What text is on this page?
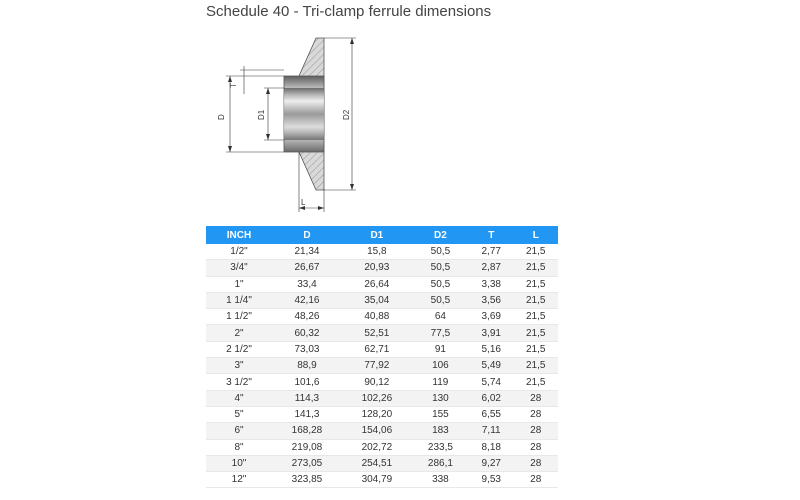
Schedule 40 - Tri-clamp ferrule dimensions
T
D	D1	D2
L
INCH	D	D1	D2	T	L
1/2"	21,34	15,8	50,5	2,77	21,5
3/4"	26,67	20,93	50,5	2,87	21,5
1"	33,4	26,64	50,5	3,38	21,5
1 1/4"	42,16	35,04	50,5	3,56	21,5
1 1/2"	48,26	40,88	64	3,69	21,5
2"	60,32	52,51	77,5	3,91	21,5
2 1/2"	73,03	62,71	91	5,16	21,5
3"	88,9	77,92	106	5,49	21,5
3 1/2"	101,6	90,12	119	5,74	21,5
4"	114,3	102,26	130	6,02	28
5"	141,3	128,20	155	6,55	28
6"	168,28	154,06	183	7,11	28
8"	219,08	202,72	233,5	8,18	28
10"	273,05	254,51	286,1	9,27	28
12"	323,85	304,79	338	9,53	28
